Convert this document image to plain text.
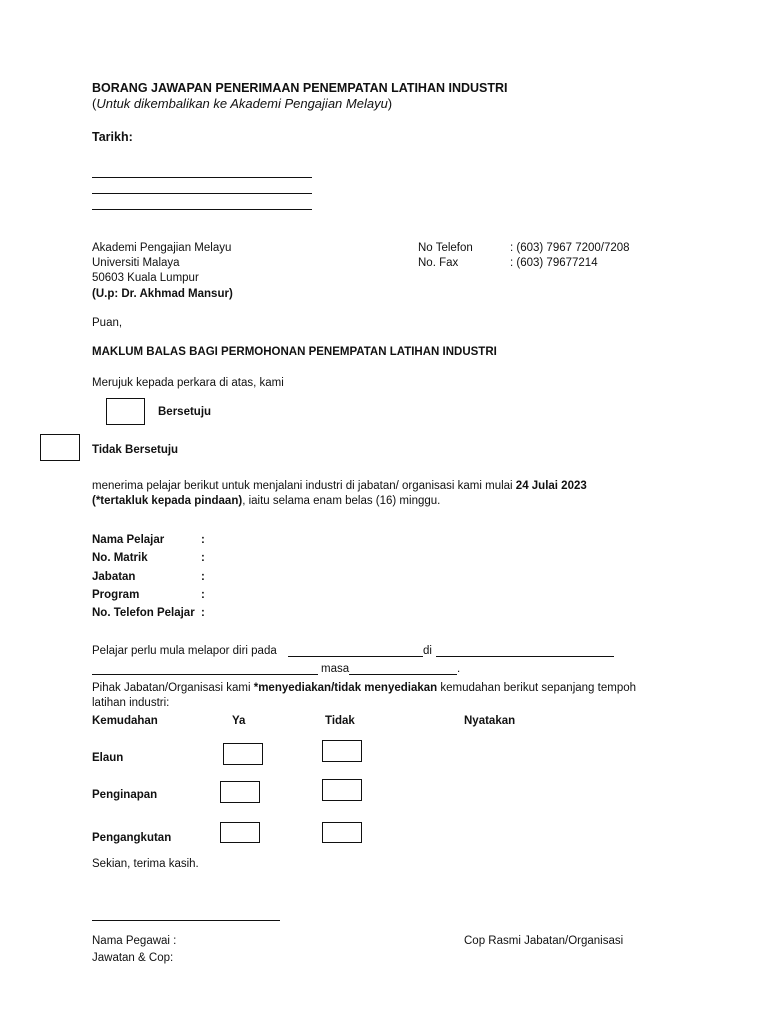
BORANG JAWAPAN PENERIMAAN PENEMPATAN LATIHAN INDUSTRI
(Untuk dikembalikan ke Akademi Pengajian Melayu)
Tarikh:
Akademi Pengajian Melayu
Universiti Malaya
50603 Kuala Lumpur
(U.p: Dr. Akhmad Mansur)
No Telefon	: (603) 7967 7200/7208
No. Fax	: (603) 79677214
Puan,
MAKLUM BALAS BAGI PERMOHONAN PENEMPATAN LATIHAN INDUSTRI
Merujuk kepada perkara di atas, kami
Bersetuju
Tidak Bersetuju
menerima pelajar berikut untuk menjalani industri di jabatan/ organisasi kami mulai 24 Julai 2023
(*tertakluk kepada pindaan), iaitu selama enam belas (16) minggu.
Nama Pelajar	:
No. Matrik	:
Jabatan	:
Program	:
No. Telefon Pelajar :
Pelajar perlu mula melapor diri pada	di
masa	.
Pihak Jabatan/Organisasi kami *menyediakan/tidak menyediakan kemudahan berikut sepanjang tempoh
latihan industri:
Kemudahan	Ya	Tidak	Nyatakan
Elaun
Penginapan
Pengangkutan
Sekian, terima kasih.
Nama Pegawai :
Jawatan & Cop:
Cop Rasmi Jabatan/Organisasi
